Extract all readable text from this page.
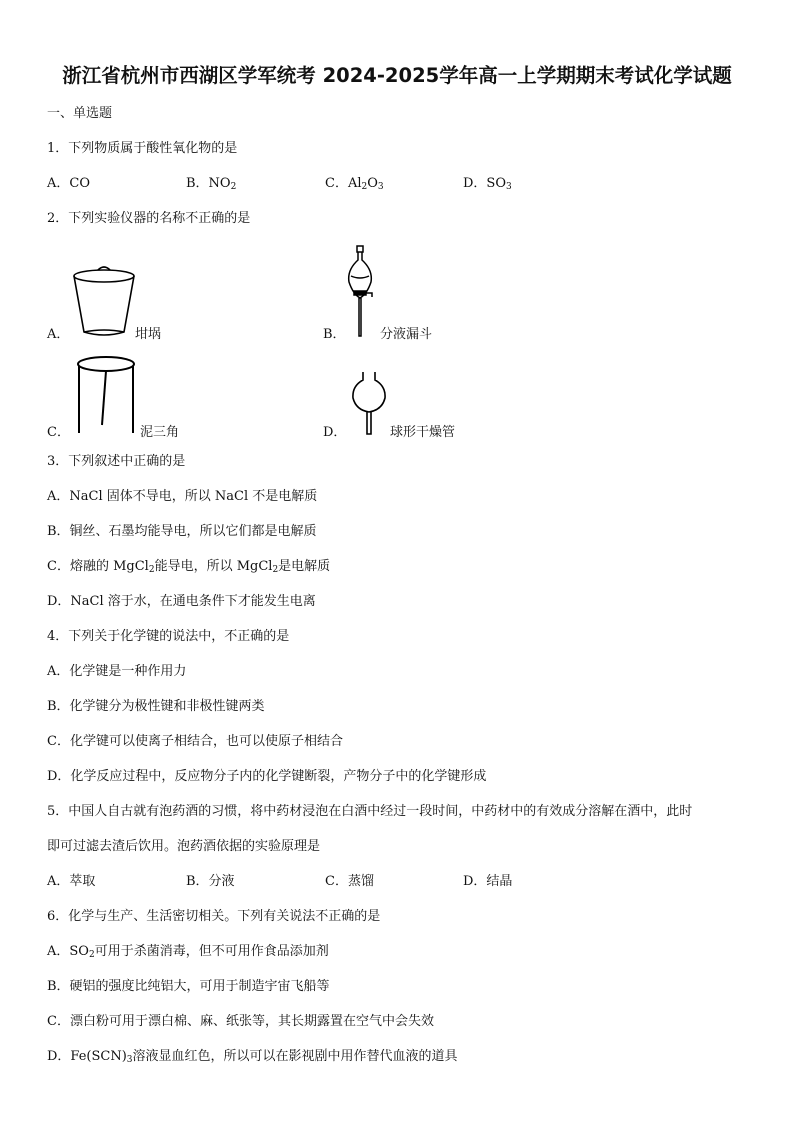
浙江省杭州市西湖区学军统考 2024-2025学年高一上学期期末考试化学试题
一、单选题
1．下列物质属于酸性氧化物的是
A．CO	B．$NO_2$	C．$Al_2O_3$	D．$SO_3$
2．下列实验仪器的名称不正确的是
A．	坩埚	B．	分液漏斗
C．	泥三角	D．	球形干燥管
3．下列叙述中正确的是
A．NaCl 固体不导电，所以 NaCl 不是电解质
B．铜丝、石墨均能导电，所以它们都是电解质
C．熔融的 MgCl$_2$能导电，所以 MgCl$_2$是电解质
D．NaCl 溶于水，在通电条件下才能发生电离
4．下列关于化学键的说法中，不正确的是
A．化学键是一种作用力
B．化学键分为极性键和非极性键两类
C．化学键可以使离子相结合，也可以使原子相结合
D．化学反应过程中，反应物分子内的化学键断裂，产物分子中的化学键形成
5．中国人自古就有泡药酒的习惯，将中药材浸泡在白酒中经过一段时间，中药材中的有效成分溶解在酒中，此时
即可过滤去渣后饮用。泡药酒依据的实验原理是
A．萃取	B．分液	C．蒸馏	D．结晶
6．化学与生产、生活密切相关。下列有关说法不正确的是
A．$SO_2$可用于杀菌消毒，但不可用作食品添加剂
B．硬铝的强度比纯铝大，可用于制造宇宙飞船等
C．漂白粉可用于漂白棉、麻、纸张等，其长期露置在空气中会失效
D．$Fe(SCN)_3$溶液显血红色，所以可以在影视剧中用作替代血液的道具
